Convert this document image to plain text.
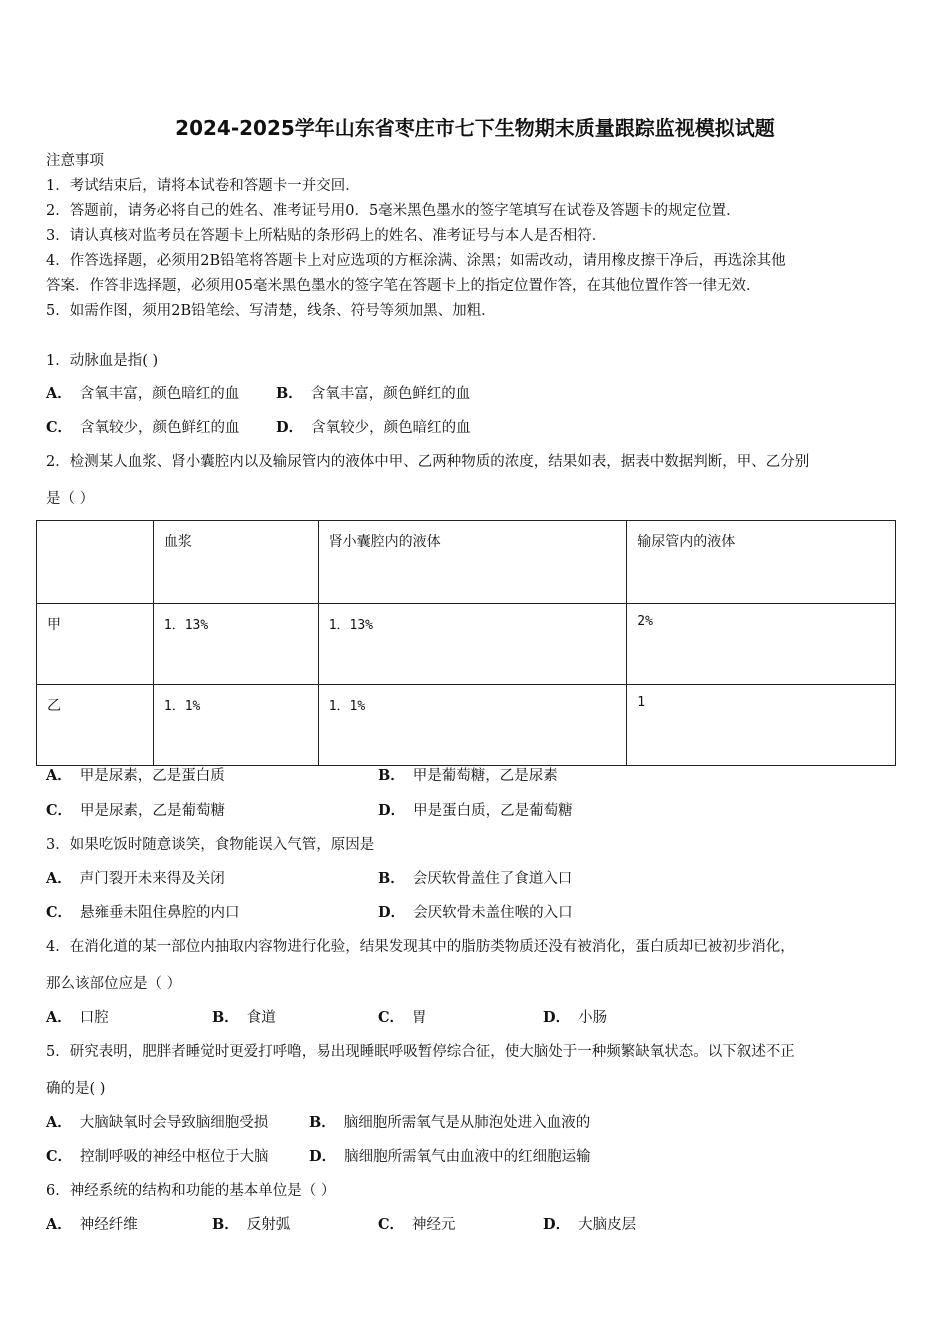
2024-2025学年山东省枣庄市七下生物期末质量跟踪监视模拟试题
注意事项
1．考试结束后，请将本试卷和答题卡一并交回．
2．答题前，请务必将自己的姓名、准考证号用0．5毫米黑色墨水的签字笔填写在试卷及答题卡的规定位置．
3．请认真核对监考员在答题卡上所粘贴的条形码上的姓名、准考证号与本人是否相符．
4．作答选择题，必须用2B铅笔将答题卡上对应选项的方框涂满、涂黑；如需改动，请用橡皮擦干净后，再选涂其他
答案．作答非选择题，必须用05毫米黑色墨水的签字笔在答题卡上的指定位置作答，在其他位置作答一律无效．
5．如需作图，须用2B铅笔绘、写清楚，线条、符号等须加黑、加粗．
1．动脉血是指( )
A． 含氧丰富，颜色暗红的血	B． 含氧丰富，颜色鲜红的血
C． 含氧较少，颜色鲜红的血	D． 含氧较少，颜色暗红的血
2．检测某人血浆、肾小囊腔内以及输尿管内的液体中甲、乙两种物质的浓度，结果如表，据表中数据判断，甲、乙分别
是（ ）
	血浆	肾小囊腔内的液体	输尿管内的液体
甲	1．13%	1．13%	2%
乙	1．1%	1．1%	1
A． 甲是尿素，乙是蛋白质	B． 甲是葡萄糖，乙是尿素
C． 甲是尿素，乙是葡萄糖	D． 甲是蛋白质，乙是葡萄糖
3．如果吃饭时随意谈笑，食物能误入气管，原因是
A． 声门裂开未来得及关闭	B． 会厌软骨盖住了食道入口
C． 悬雍垂未阻住鼻腔的内口	D． 会厌软骨未盖住喉的入口
4．在消化道的某一部位内抽取内容物进行化验，结果发现其中的脂肪类物质还没有被消化，蛋白质却已被初步消化，
那么该部位应是（ ）
A． 口腔	B． 食道	C． 胃	D． 小肠
5．研究表明，肥胖者睡觉时更爱打呼噜，易出现睡眠呼吸暂停综合征，使大脑处于一种频繁缺氧状态。以下叙述不正
确的是( )
A． 大脑缺氧时会导致脑细胞受损	B． 脑细胞所需氧气是从肺泡处进入血液的
C． 控制呼吸的神经中枢位于大脑	D． 脑细胞所需氧气由血液中的红细胞运输
6．神经系统的结构和功能的基本单位是（ ）
A． 神经纤维	B． 反射弧	C． 神经元	D． 大脑皮层
